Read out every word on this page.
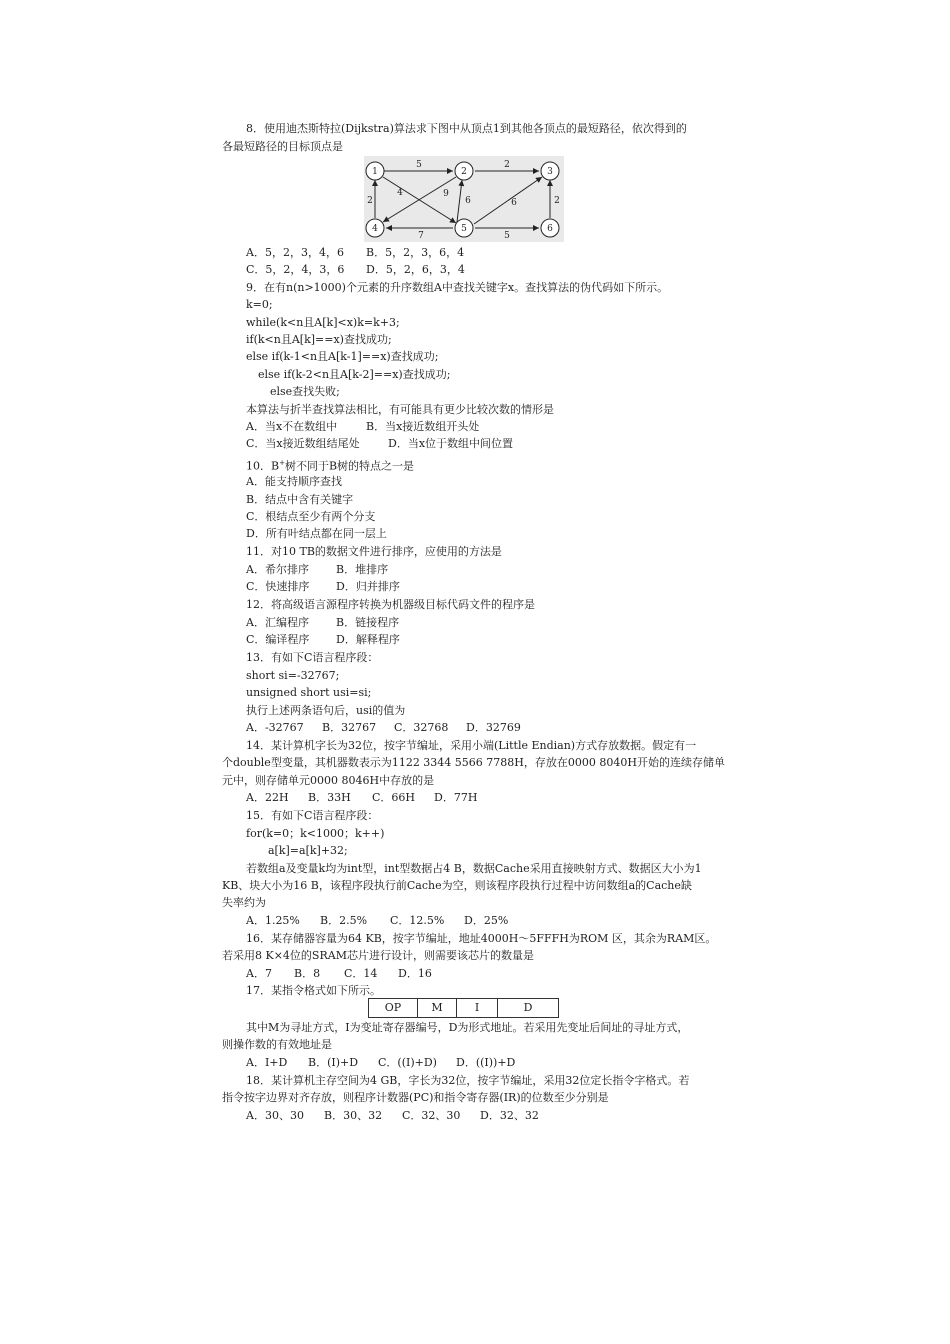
8．使用迪杰斯特拉(Dijkstra)算法求下图中从顶点1到其他各顶点的最短路径，依次得到的
各最短路径的目标顶点是
5	2
4	9
2	6	6	2
7	5
1	2	3
4	5	6
A．5，2，3，4，6 B．5，2，3，6，4
C．5，2，4，3，6 D．5，2，6，3，4
9．在有n(n>1000)个元素的升序数组A中查找关键字x。查找算法的伪代码如下所示。
k=0;
while(k<n且A[k]<x)k=k+3;
if(k<n且A[k]==x)查找成功;
else if(k-1<n且A[k-1]==x)查找成功;
else if(k-2<n且A[k-2]==x)查找成功;
else查找失败;
本算法与折半查找算法相比，有可能具有更少比较次数的情形是
A．当x不在数组中	B．当x接近数组开头处
C．当x接近数组结尾处	D．当x位于数组中间位置
10．B+树不同于B树的特点之一是
A．能支持顺序查找
B．结点中含有关键字
C．根结点至少有两个分支
D．所有叶结点都在同一层上
11．对10 TB的数据文件进行排序，应使用的方法是
A．希尔排序 B．堆排序
C．快速排序 D．归并排序
12．将高级语言源程序转换为机器级目标代码文件的程序是
A．汇编程序 B．链接程序
C．编译程序 D．解释程序
13．有如下C语言程序段：
short si=-32767;
unsigned short usi=si;
执行上述两条语句后，usi的值为
A．-32767 B．32767 C．32768 D．32769
14．某计算机字长为32位，按字节编址，采用小端(Little Endian)方式存放数据。假定有一
个double型变量，其机器数表示为1122 3344 5566 7788H，存放在0000 8040H开始的连续存储单
元中，则存储单元0000 8046H中存放的是
A．22H B．33H C．66H D．77H
15．有如下C语言程序段：
for(k=0；k<1000；k++)
a[k]=a[k]+32;
若数组a及变量k均为int型，int型数据占4 B，数据Cache采用直接映射方式、数据区大小为1
KB、块大小为16 B，该程序段执行前Cache为空，则该程序段执行过程中访问数组a的Cache缺
失率约为
A．1.25% B．2.5% C．12.5% D．25%
16．某存储器容量为64 KB，按字节编址，地址4000H～5FFFH为ROM 区，其余为RAM区。
若采用8 K×4位的SRAM芯片进行设计，则需要该芯片的数量是
A．7 B．8 C．14 D．16
17．某指令格式如下所示。
OP	M	I	D
其中M为寻址方式，I为变址寄存器编号，D为形式地址。若采用先变址后间址的寻址方式，
则操作数的有效地址是
A．I+D B．(I)+D C．((I)+D) D．((I))+D
18．某计算机主存空间为4 GB，字长为32位，按字节编址，采用32位定长指令字格式。若
指令按字边界对齐存放，则程序计数器(PC)和指令寄存器(IR)的位数至少分别是
A．30、30 B．30、32 C．32、30 D．32、32
